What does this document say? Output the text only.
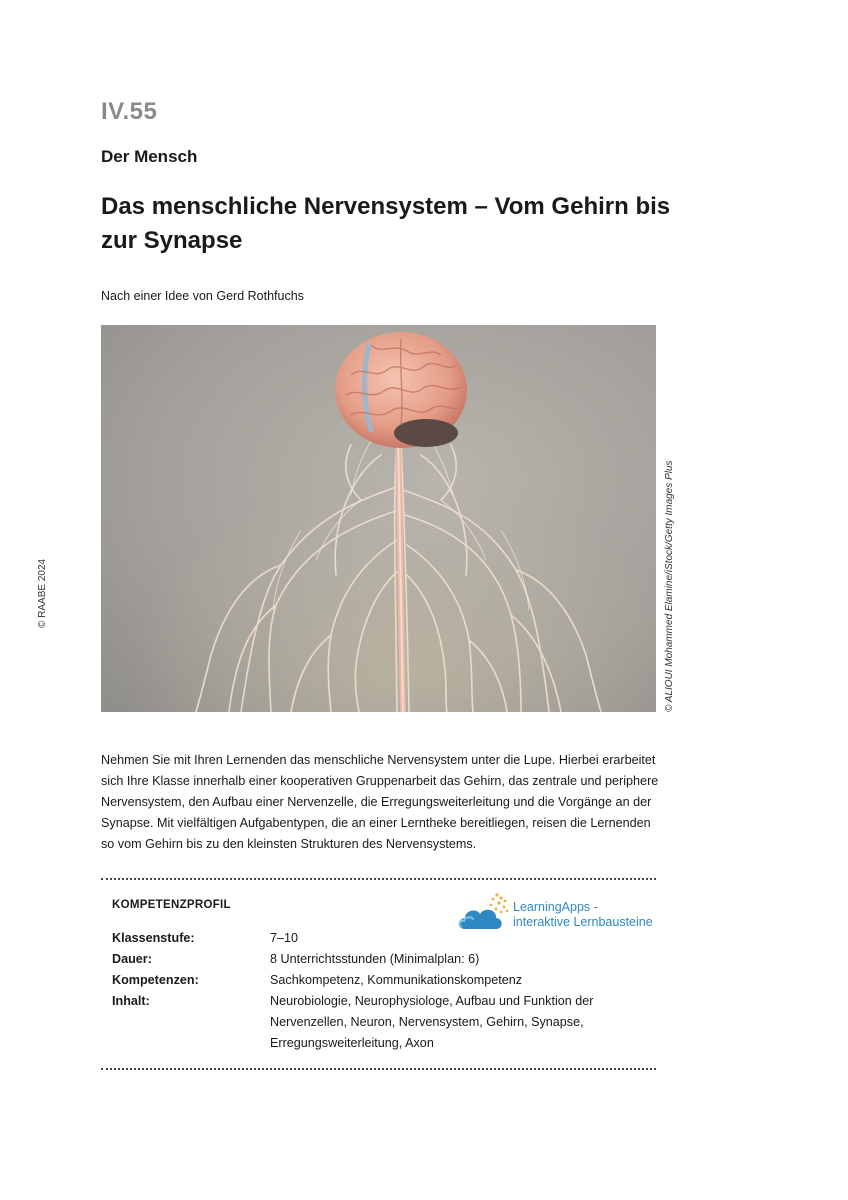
IV.55
Der Mensch
Das menschliche Nervensystem – Vom Gehirn bis zur Synapse
Nach einer Idee von Gerd Rothfuchs
© ALIOUI Mohammed Elamine/iStock/Getty Images Plus
© RAABE 2024
Nehmen Sie mit Ihren Lernenden das menschliche Nervensystem unter die Lupe. Hierbei erarbeitet sich Ihre Klasse innerhalb einer kooperativen Gruppenarbeit das Gehirn, das zentrale und periphere Nervensystem, den Aufbau einer Nervenzelle, die Erregungsweiterleitung und die Vorgänge an der Synapse. Mit vielfältigen Aufgabentypen, die an einer Lerntheke bereitliegen, reisen die Lernenden so vom Gehirn bis zu den kleinsten Strukturen des Nervensystems.
KOMPETENZPROFIL	LearningApps -
interaktive Lernbausteine
Klassenstufe:	7–10
Dauer:	8 Unterrichtsstunden (Minimalplan: 6)
Kompetenzen:	Sachkompetenz, Kommunikationskompetenz
Inhalt:	Neurobiologie, Neurophysiologe, Aufbau und Funktion der Nervenzellen, Neuron, Nervensystem, Gehirn, Synapse, Erregungsweiterleitung, Axon
